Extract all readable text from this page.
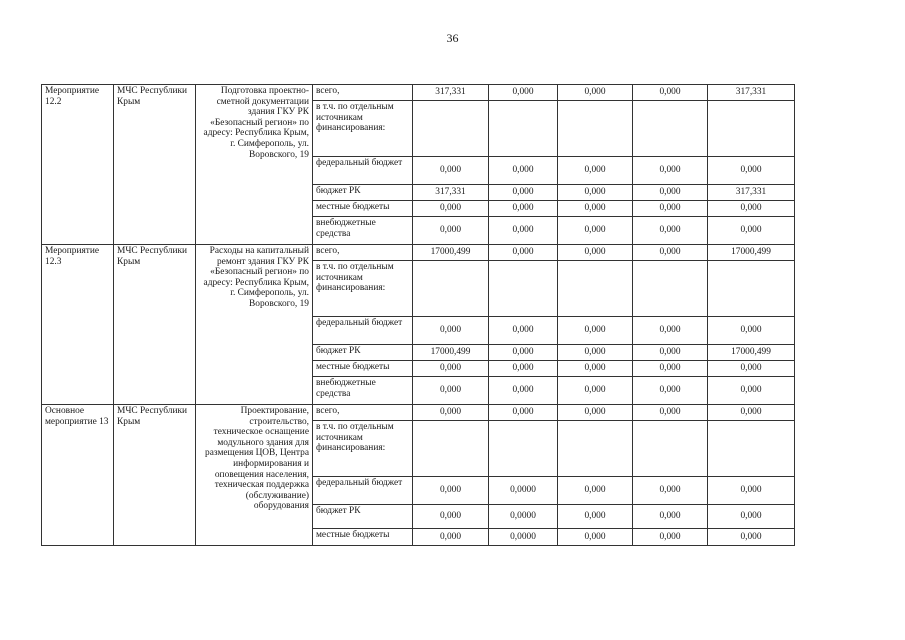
36
Мероприятие 12.2	МЧС Республики Крым	Подготовка проектно-сметной документации здания ГКУ РК «Безопасный регион» по адресу: Республика Крым, г. Симферополь, ул. Воровского, 19	всего,	317,331	0,000	0,000	0,000	317,331
			в т.ч. по отдельным источникам финансирования:					
			федеральный бюджет	0,000	0,000	0,000	0,000	0,000
			бюджет РК	317,331	0,000	0,000	0,000	317,331
			местные бюджеты	0,000	0,000	0,000	0,000	0,000
			внебюджетные средства	0,000	0,000	0,000	0,000	0,000
Мероприятие 12.3	МЧС Республики Крым	Расходы на капитальный ремонт здания ГКУ РК «Безопасный регион» по адресу: Республика Крым, г. Симферополь, ул. Воровского, 19	всего,	17000,499	0,000	0,000	0,000	17000,499
			в т.ч. по отдельным источникам финансирования:					
			федеральный бюджет	0,000	0,000	0,000	0,000	0,000
			бюджет РК	17000,499	0,000	0,000	0,000	17000,499
			местные бюджеты	0,000	0,000	0,000	0,000	0,000
			внебюджетные средства	0,000	0,000	0,000	0,000	0,000
Основное мероприятие 13	МЧС Республики Крым	Проектирование, строительство, техническое оснащение модульного здания для размещения ЦОВ, Центра информирования и оповещения населения, техническая поддержка (обслуживание) оборудования	всего,	0,000	0,000	0,000	0,000	0,000
			в т.ч. по отдельным источникам финансирования:					
			федеральный бюджет	0,000	0,0000	0,000	0,000	0,000
			бюджет РК	0,000	0,0000	0,000	0,000	0,000
			местные бюджеты	0,000	0,0000	0,000	0,000	0,000
